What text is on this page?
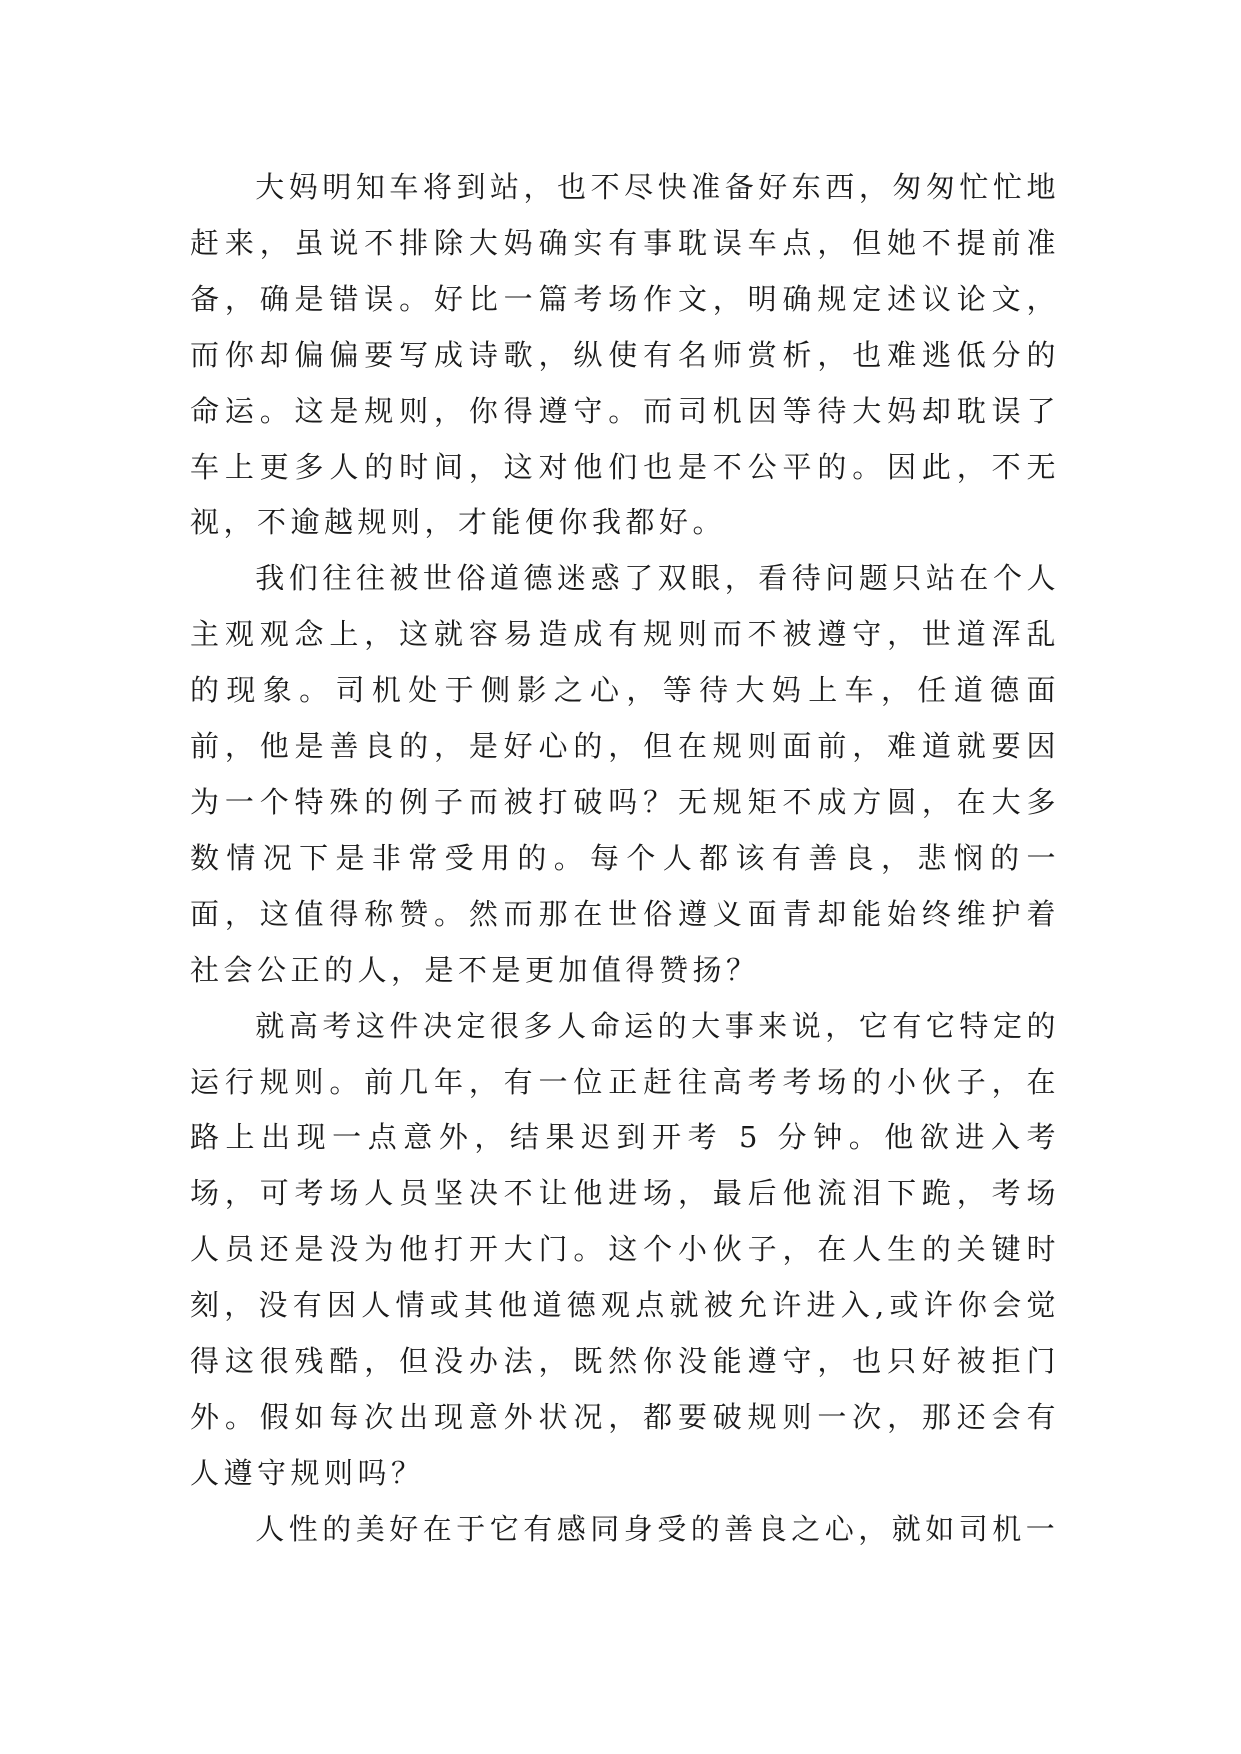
大妈明知车将到站，也不尽快准备好东西，匆匆忙忙地赶来，虽说不排除大妈确实有事耽误车点，但她不提前准备，确是错误。好比一篇考场作文，明确规定述议论文，而你却偏偏要写成诗歌，纵使有名师赏析，也难逃低分的命运。这是规则，你得遵守。而司机因等待大妈却耽误了车上更多人的时间，这对他们也是不公平的。因此，不无视，不逾越规则，才能便你我都好。

我们往往被世俗道德迷惑了双眼，看待问题只站在个人主观观念上，这就容易造成有规则而不被遵守，世道浑乱的现象。司机处于侧影之心，等待大妈上车，任道德面前，他是善良的，是好心的，但在规则面前，难道就要因为一个特殊的例子而被打破吗？无规矩不成方圆，在大多数情况下是非常受用的。每个人都该有善良，悲悯的一面，这值得称赞。然而那在世俗遵义面青却能始终维护着社会公正的人，是不是更加值得赞扬？

就高考这件决定很多人命运的大事来说，它有它特定的运行规则。前几年，有一位正赶往高考考场的小伙子，在路上出现一点意外，结果迟到开考 5 分钟。他欲进入考场，可考场人员坚决不让他进场，最后他流泪下跪，考场人员还是没为他打开大门。这个小伙子，在人生的关键时刻，没有因人情或其他道德观点就被允许进入,或许你会觉得这很残酷，但没办法，既然你没能遵守，也只好被拒门外。假如每次出现意外状况，都要破规则一次，那还会有人遵守规则吗？

人性的美好在于它有感同身受的善良之心，就如司机一
